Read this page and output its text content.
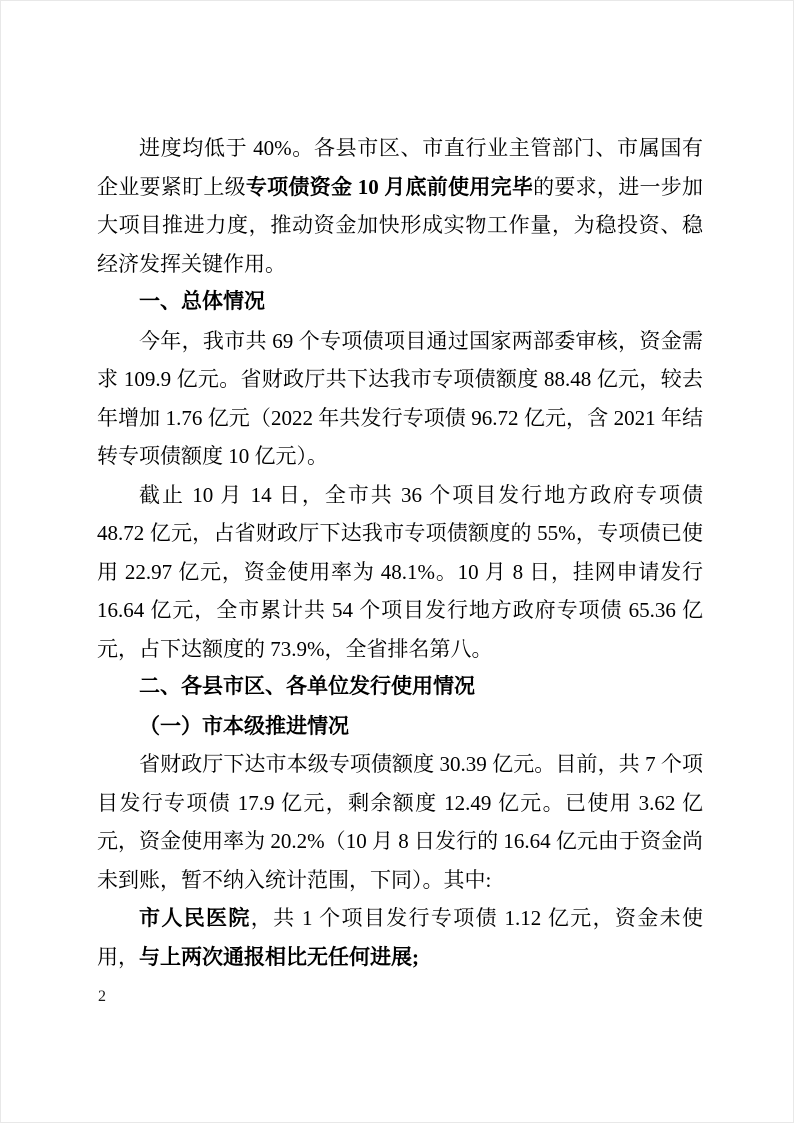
进度均低于 40%。各县市区、市直行业主管部门、市属国有企业要紧盯上级专项债资金 10 月底前使用完毕的要求，进一步加大项目推进力度，推动资金加快形成实物工作量，为稳投资、稳经济发挥关键作用。

一、总体情况

今年，我市共 69 个专项债项目通过国家两部委审核，资金需求 109.9 亿元。省财政厅共下达我市专项债额度 88.48 亿元，较去年增加 1.76 亿元（2022 年共发行专项债 96.72 亿元，含 2021 年结转专项债额度 10 亿元）。

截止 10 月 14 日，全市共 36 个项目发行地方政府专项债 48.72 亿元，占省财政厅下达我市专项债额度的 55%，专项债已使用 22.97 亿元，资金使用率为 48.1%。10 月 8 日，挂网申请发行 16.64 亿元，全市累计共 54 个项目发行地方政府专项债 65.36 亿元，占下达额度的 73.9%，全省排名第八。

二、各县市区、各单位发行使用情况
（一）市本级推进情况

省财政厅下达市本级专项债额度 30.39 亿元。目前，共 7 个项目发行专项债 17.9 亿元，剩余额度 12.49 亿元。已使用 3.62 亿元，资金使用率为 20.2%（10 月 8 日发行的 16.64 亿元由于资金尚未到账，暂不纳入统计范围，下同）。其中:

市人民医院，共 1 个项目发行专项债 1.12 亿元，资金未使用，与上两次通报相比无任何进展;

2
